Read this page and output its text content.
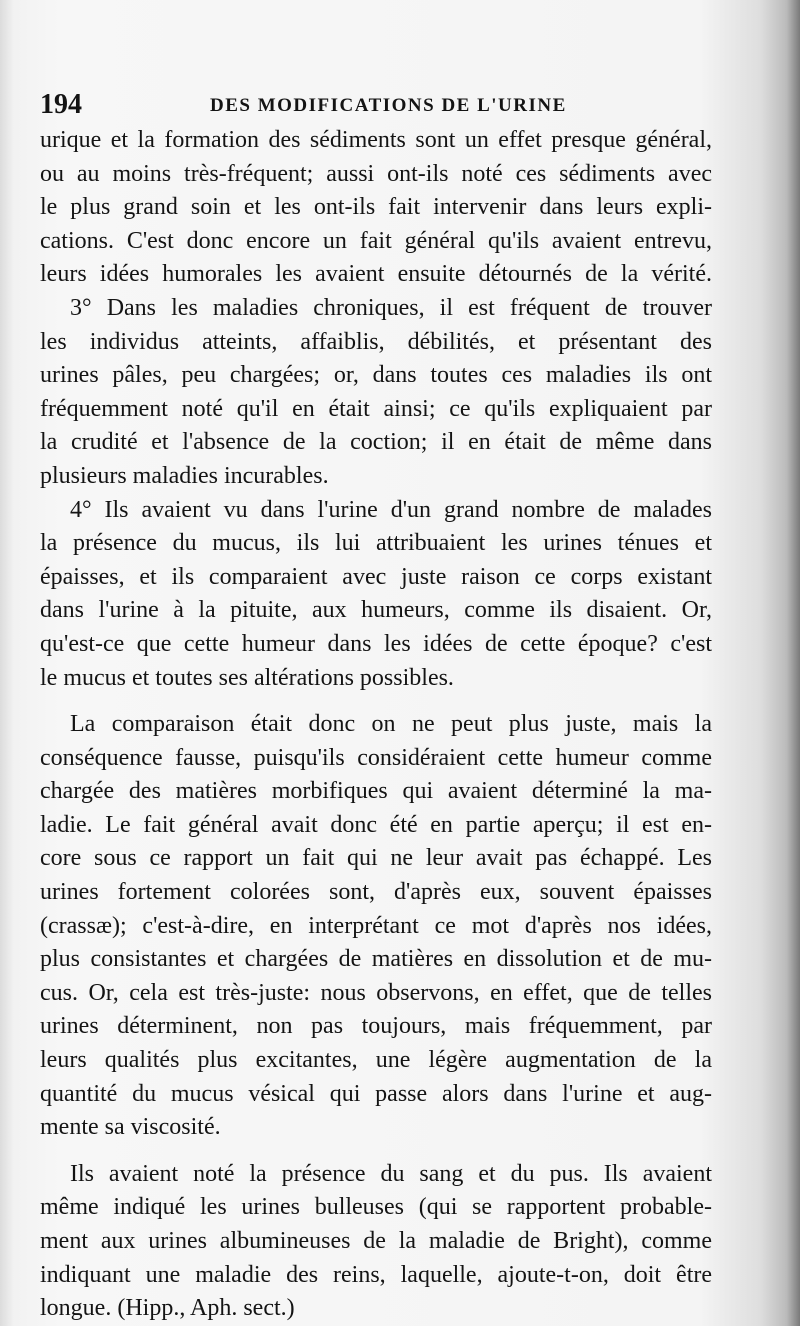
194	DES MODIFICATIONS DE L'URINE
urique et la formation des sédiments sont un effet presque général,
ou au moins très-fréquent; aussi ont-ils noté ces sédiments avec
le plus grand soin et les ont-ils fait intervenir dans leurs expli-
cations. C'est donc encore un fait général qu'ils avaient entrevu,
leurs idées humorales les avaient ensuite détournés de la vérité.
3° Dans les maladies chroniques, il est fréquent de trouver
les individus atteints, affaiblis, débilités, et présentant des
urines pâles, peu chargées; or, dans toutes ces maladies ils ont
fréquemment noté qu'il en était ainsi; ce qu'ils expliquaient par
la crudité et l'absence de la coction; il en était de même dans
plusieurs maladies incurables.
4° Ils avaient vu dans l'urine d'un grand nombre de malades
la présence du mucus, ils lui attribuaient les urines ténues et
épaisses, et ils comparaient avec juste raison ce corps existant
dans l'urine à la pituite, aux humeurs, comme ils disaient. Or,
qu'est-ce que cette humeur dans les idées de cette époque? c'est
le mucus et toutes ses altérations possibles.
La comparaison était donc on ne peut plus juste, mais la
conséquence fausse, puisqu'ils considéraient cette humeur comme
chargée des matières morbifiques qui avaient déterminé la ma-
ladie. Le fait général avait donc été en partie aperçu; il est en-
core sous ce rapport un fait qui ne leur avait pas échappé. Les
urines fortement colorées sont, d'après eux, souvent épaisses
(crassæ); c'est-à-dire, en interprétant ce mot d'après nos idées,
plus consistantes et chargées de matières en dissolution et de mu-
cus. Or, cela est très-juste: nous observons, en effet, que de telles
urines déterminent, non pas toujours, mais fréquemment, par
leurs qualités plus excitantes, une légère augmentation de la
quantité du mucus vésical qui passe alors dans l'urine et aug-
mente sa viscosité.
Ils avaient noté la présence du sang et du pus. Ils avaient
même indiqué les urines bulleuses (qui se rapportent probable-
ment aux urines albumineuses de la maladie de Bright), comme
indiquant une maladie des reins, laquelle, ajoute-t-on, doit être
longue. (Hipp., Aph. sect.)
